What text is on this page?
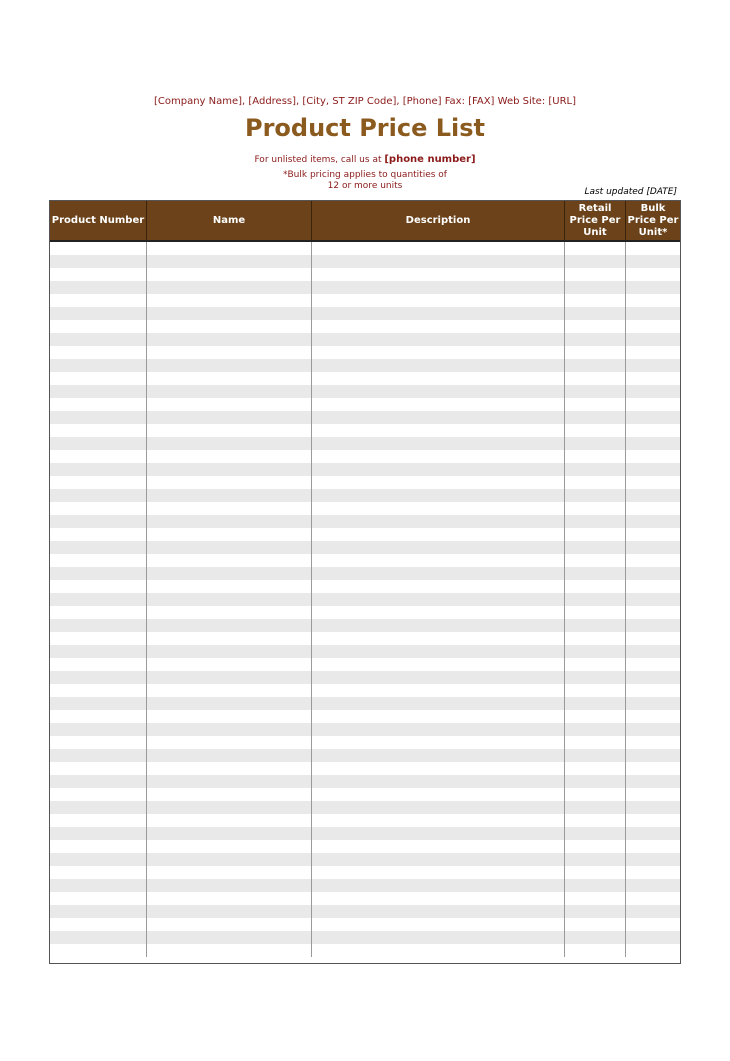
[Company Name], [Address], [City, ST ZIP Code], [Phone] Fax: [FAX] Web Site: [URL]
Product Price List
For unlisted items, call us at [phone number]
*Bulk pricing applies to quantities of
12 or more units
Last updated [DATE]
Product Number	Name	Description
Retail Price Per Unit
Bulk Price Per Unit*
